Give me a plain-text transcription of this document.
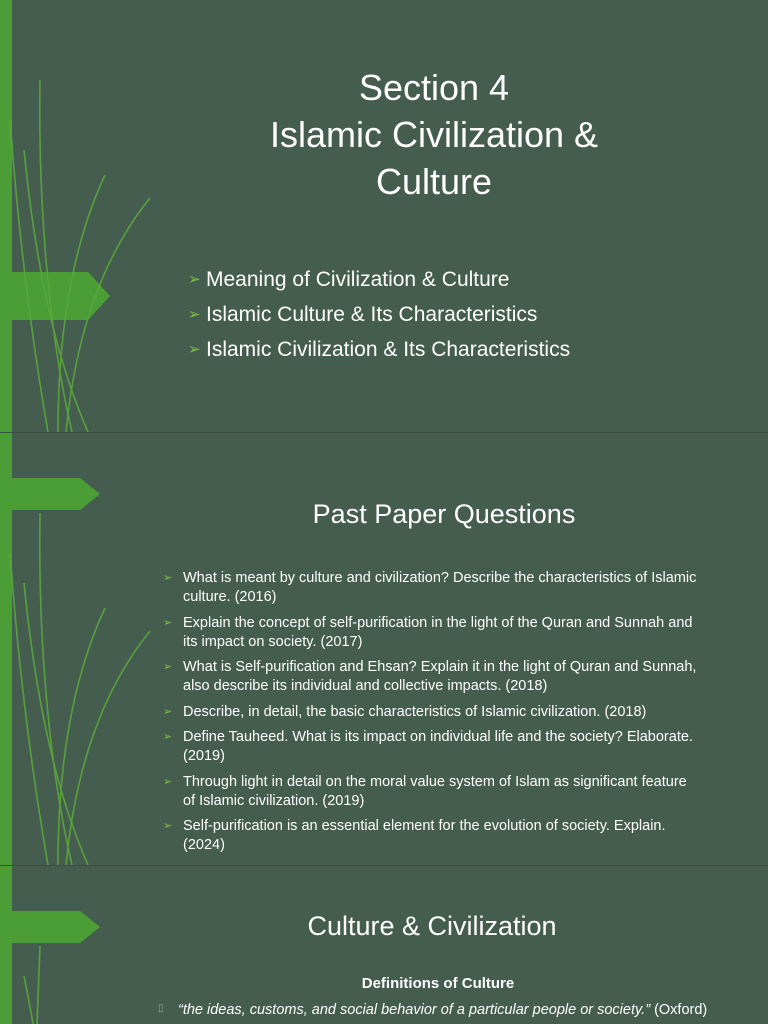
Section 4
Islamic Civilization &
Culture
➢ Meaning of Civilization & Culture
➢ Islamic Culture & Its Characteristics
➢ Islamic Civilization & Its Characteristics
Past Paper Questions
➢ What is meant by culture and civilization? Describe the characteristics of Islamic culture. (2016)
➢ Explain the concept of self-purification in the light of the Quran and Sunnah and its impact on society. (2017)
➢ What is Self-purification and Ehsan? Explain it in the light of Quran and Sunnah, also describe its individual and collective impacts. (2018)
➢ Describe, in detail, the basic characteristics of Islamic civilization. (2018)
➢ Define Tauheed. What is its impact on individual life and the society? Elaborate. (2019)
➢ Through light in detail on the moral value system of Islam as significant feature of Islamic civilization. (2019)
➢ Self-purification is an essential element for the evolution of society. Explain. (2024)
Culture & Civilization
Definitions of Culture
▯ “the ideas, customs, and social behavior of a particular people or society.” (Oxford)
